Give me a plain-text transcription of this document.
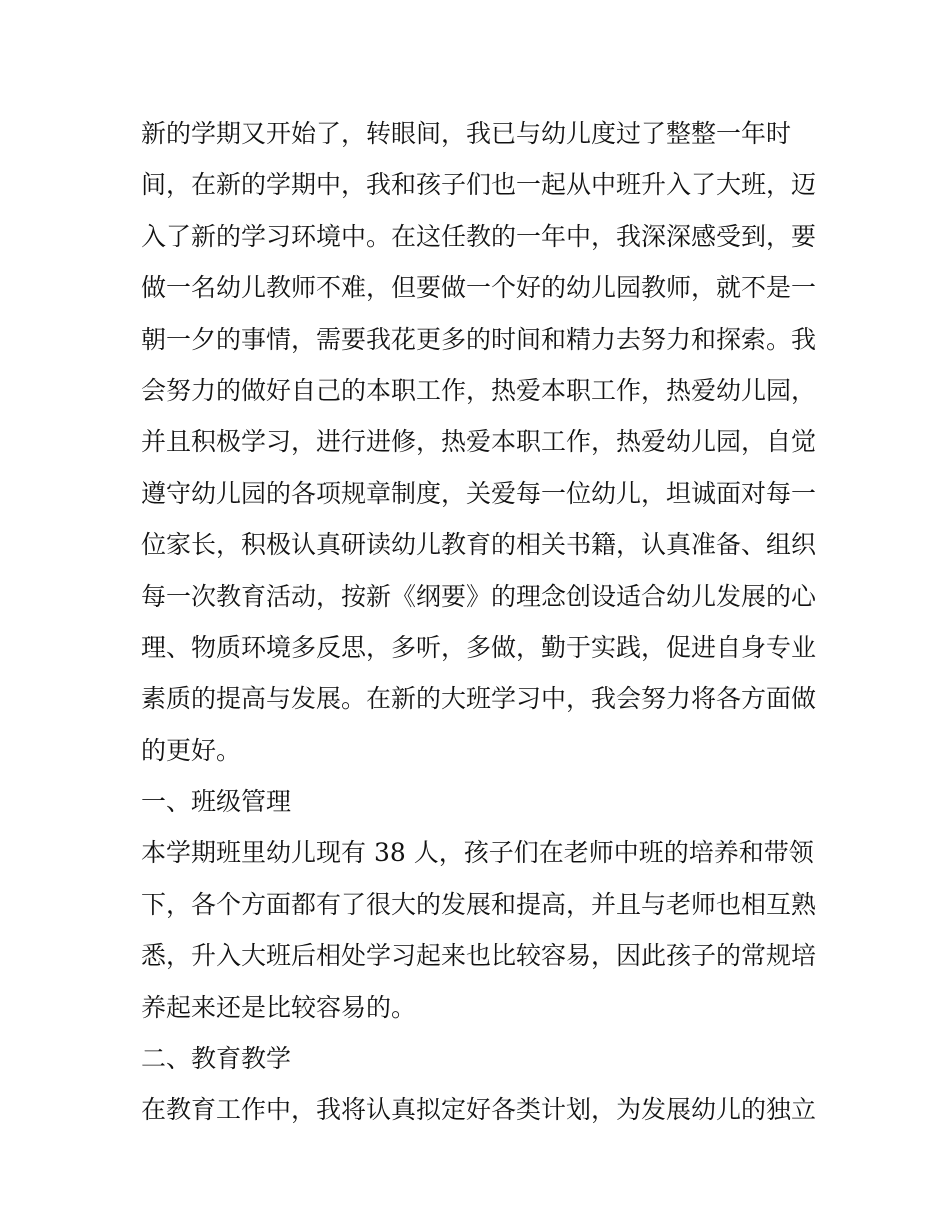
新的学期又开始了，转眼间，我已与幼儿度过了整整一年时
间，在新的学期中，我和孩子们也一起从中班升入了大班，迈
入了新的学习环境中。在这任教的一年中，我深深感受到，要
做一名幼儿教师不难，但要做一个好的幼儿园教师，就不是一
朝一夕的事情，需要我花更多的时间和精力去努力和探索。我
会努力的做好自己的本职工作，热爱本职工作，热爱幼儿园，
并且积极学习，进行进修，热爱本职工作，热爱幼儿园，自觉
遵守幼儿园的各项规章制度，关爱每一位幼儿，坦诚面对每一
位家长，积极认真研读幼儿教育的相关书籍，认真准备、组织
每一次教育活动，按新《纲要》的理念创设适合幼儿发展的心
理、物质环境多反思，多听，多做，勤于实践，促进自身专业
素质的提高与发展。在新的大班学习中，我会努力将各方面做
的更好。
一、班级管理
本学期班里幼儿现有 38 人，孩子们在老师中班的培养和带领
下，各个方面都有了很大的发展和提高，并且与老师也相互熟
悉，升入大班后相处学习起来也比较容易，因此孩子的常规培
养起来还是比较容易的。
二、教育教学
在教育工作中，我将认真拟定好各类计划，为发展幼儿的独立
